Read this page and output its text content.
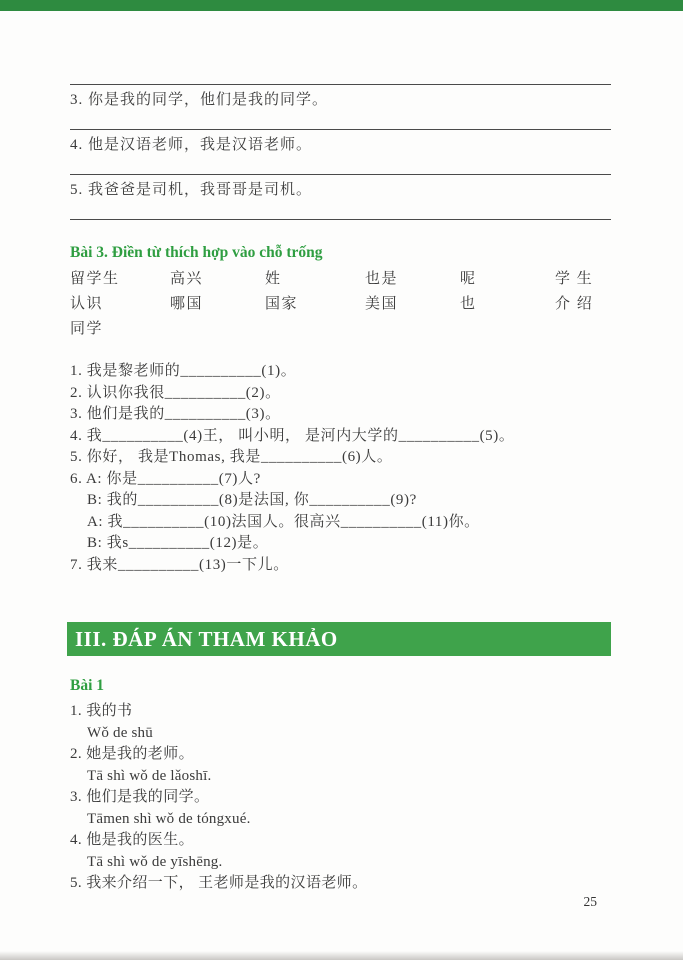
3. 你是我的同学，他们是我的同学。
4. 他是汉语老师，我是汉语老师。
5. 我爸爸是司机，我哥哥是司机。
Bài 3. Điền từ thích hợp vào chỗ trống
留学生	高兴	姓	也是	呢	学 生
认识	哪国	国家	美国	也	介 绍
同学
1. 我是黎老师的__________(1)。
2. 认识你我很__________(2)。
3. 他们是我的__________(3)。
4. 我__________(4)王， 叫小明， 是河内大学的__________(5)。
5. 你好， 我是Thomas, 我是__________(6)人。
6. A: 你是__________(7)人?
B: 我的__________(8)是法国, 你__________(9)?
A: 我__________(10)法国人。很高兴__________(11)你。
B: 我s__________(12)是。
7. 我来__________(13)一下儿。
III. ĐÁP ÁN THAM KHẢO
Bài 1
1. 我的书
Wǒ de shū
2. 她是我的老师。
Tā shì wǒ de lǎoshī.
3. 他们是我的同学。
Tāmen shì wǒ de tóngxué.
4. 他是我的医生。
Tā shì wǒ de yīshēng.
5. 我来介绍一下， 王老师是我的汉语老师。
25
